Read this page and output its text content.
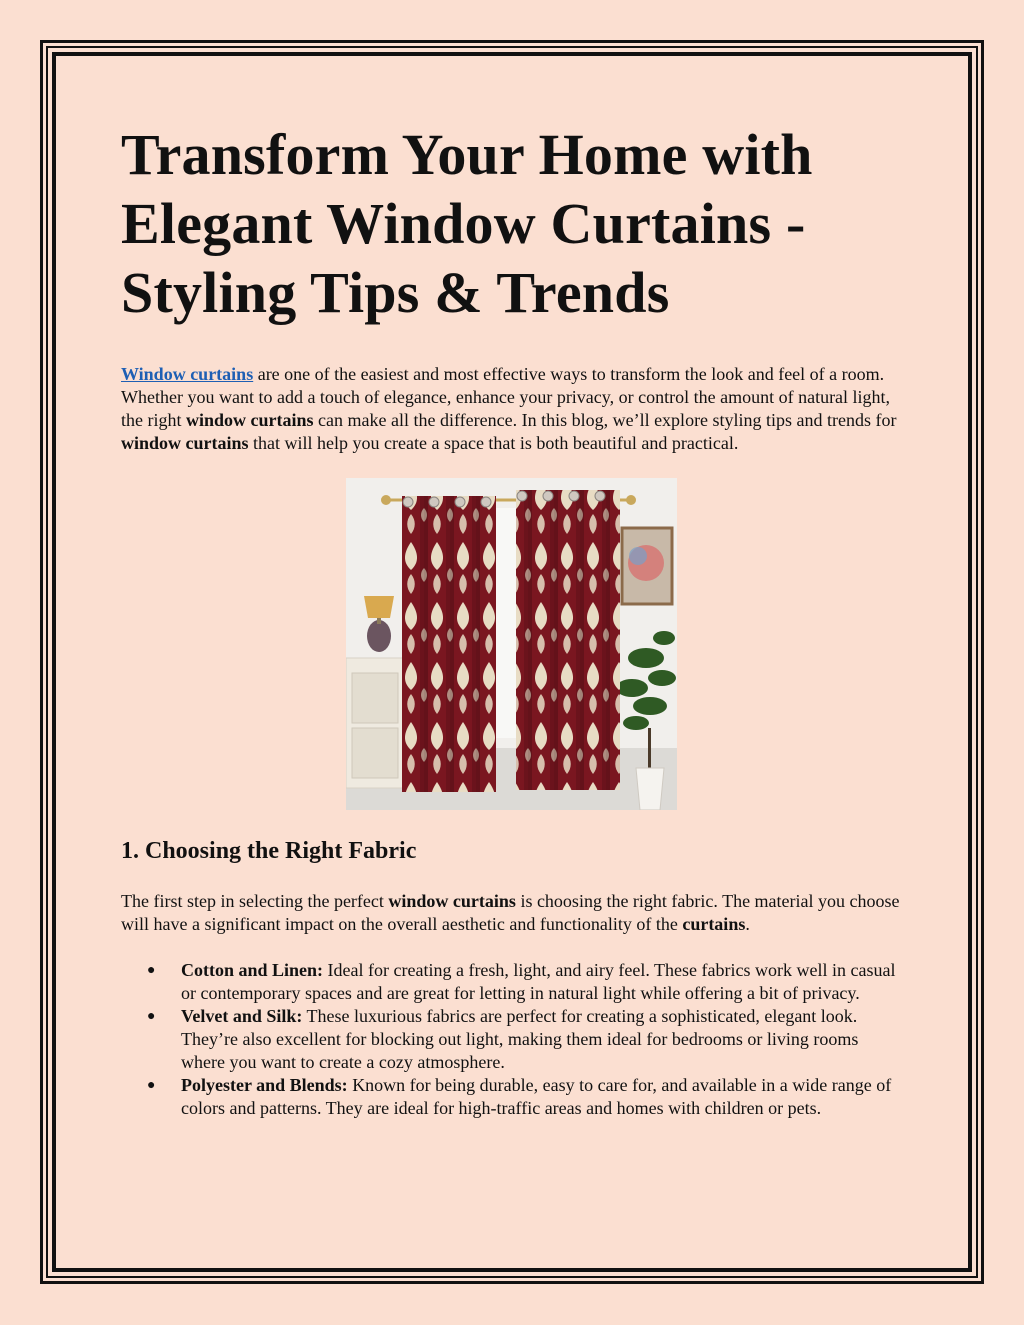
Transform Your Home with Elegant Window Curtains - Styling Tips & Trends

Window curtains are one of the easiest and most effective ways to transform the look and feel of a room. Whether you want to add a touch of elegance, enhance your privacy, or control the amount of natural light, the right window curtains can make all the difference. In this blog, we’ll explore styling tips and trends for window curtains that will help you create a space that is both beautiful and practical.

1. Choosing the Right Fabric

The first step in selecting the perfect window curtains is choosing the right fabric. The material you choose will have a significant impact on the overall aesthetic and functionality of the curtains.

● Cotton and Linen: Ideal for creating a fresh, light, and airy feel. These fabrics work well in casual or contemporary spaces and are great for letting in natural light while offering a bit of privacy.
● Velvet and Silk: These luxurious fabrics are perfect for creating a sophisticated, elegant look. They’re also excellent for blocking out light, making them ideal for bedrooms or living rooms where you want to create a cozy atmosphere.
● Polyester and Blends: Known for being durable, easy to care for, and available in a wide range of colors and patterns. They are ideal for high-traffic areas and homes with children or pets.
